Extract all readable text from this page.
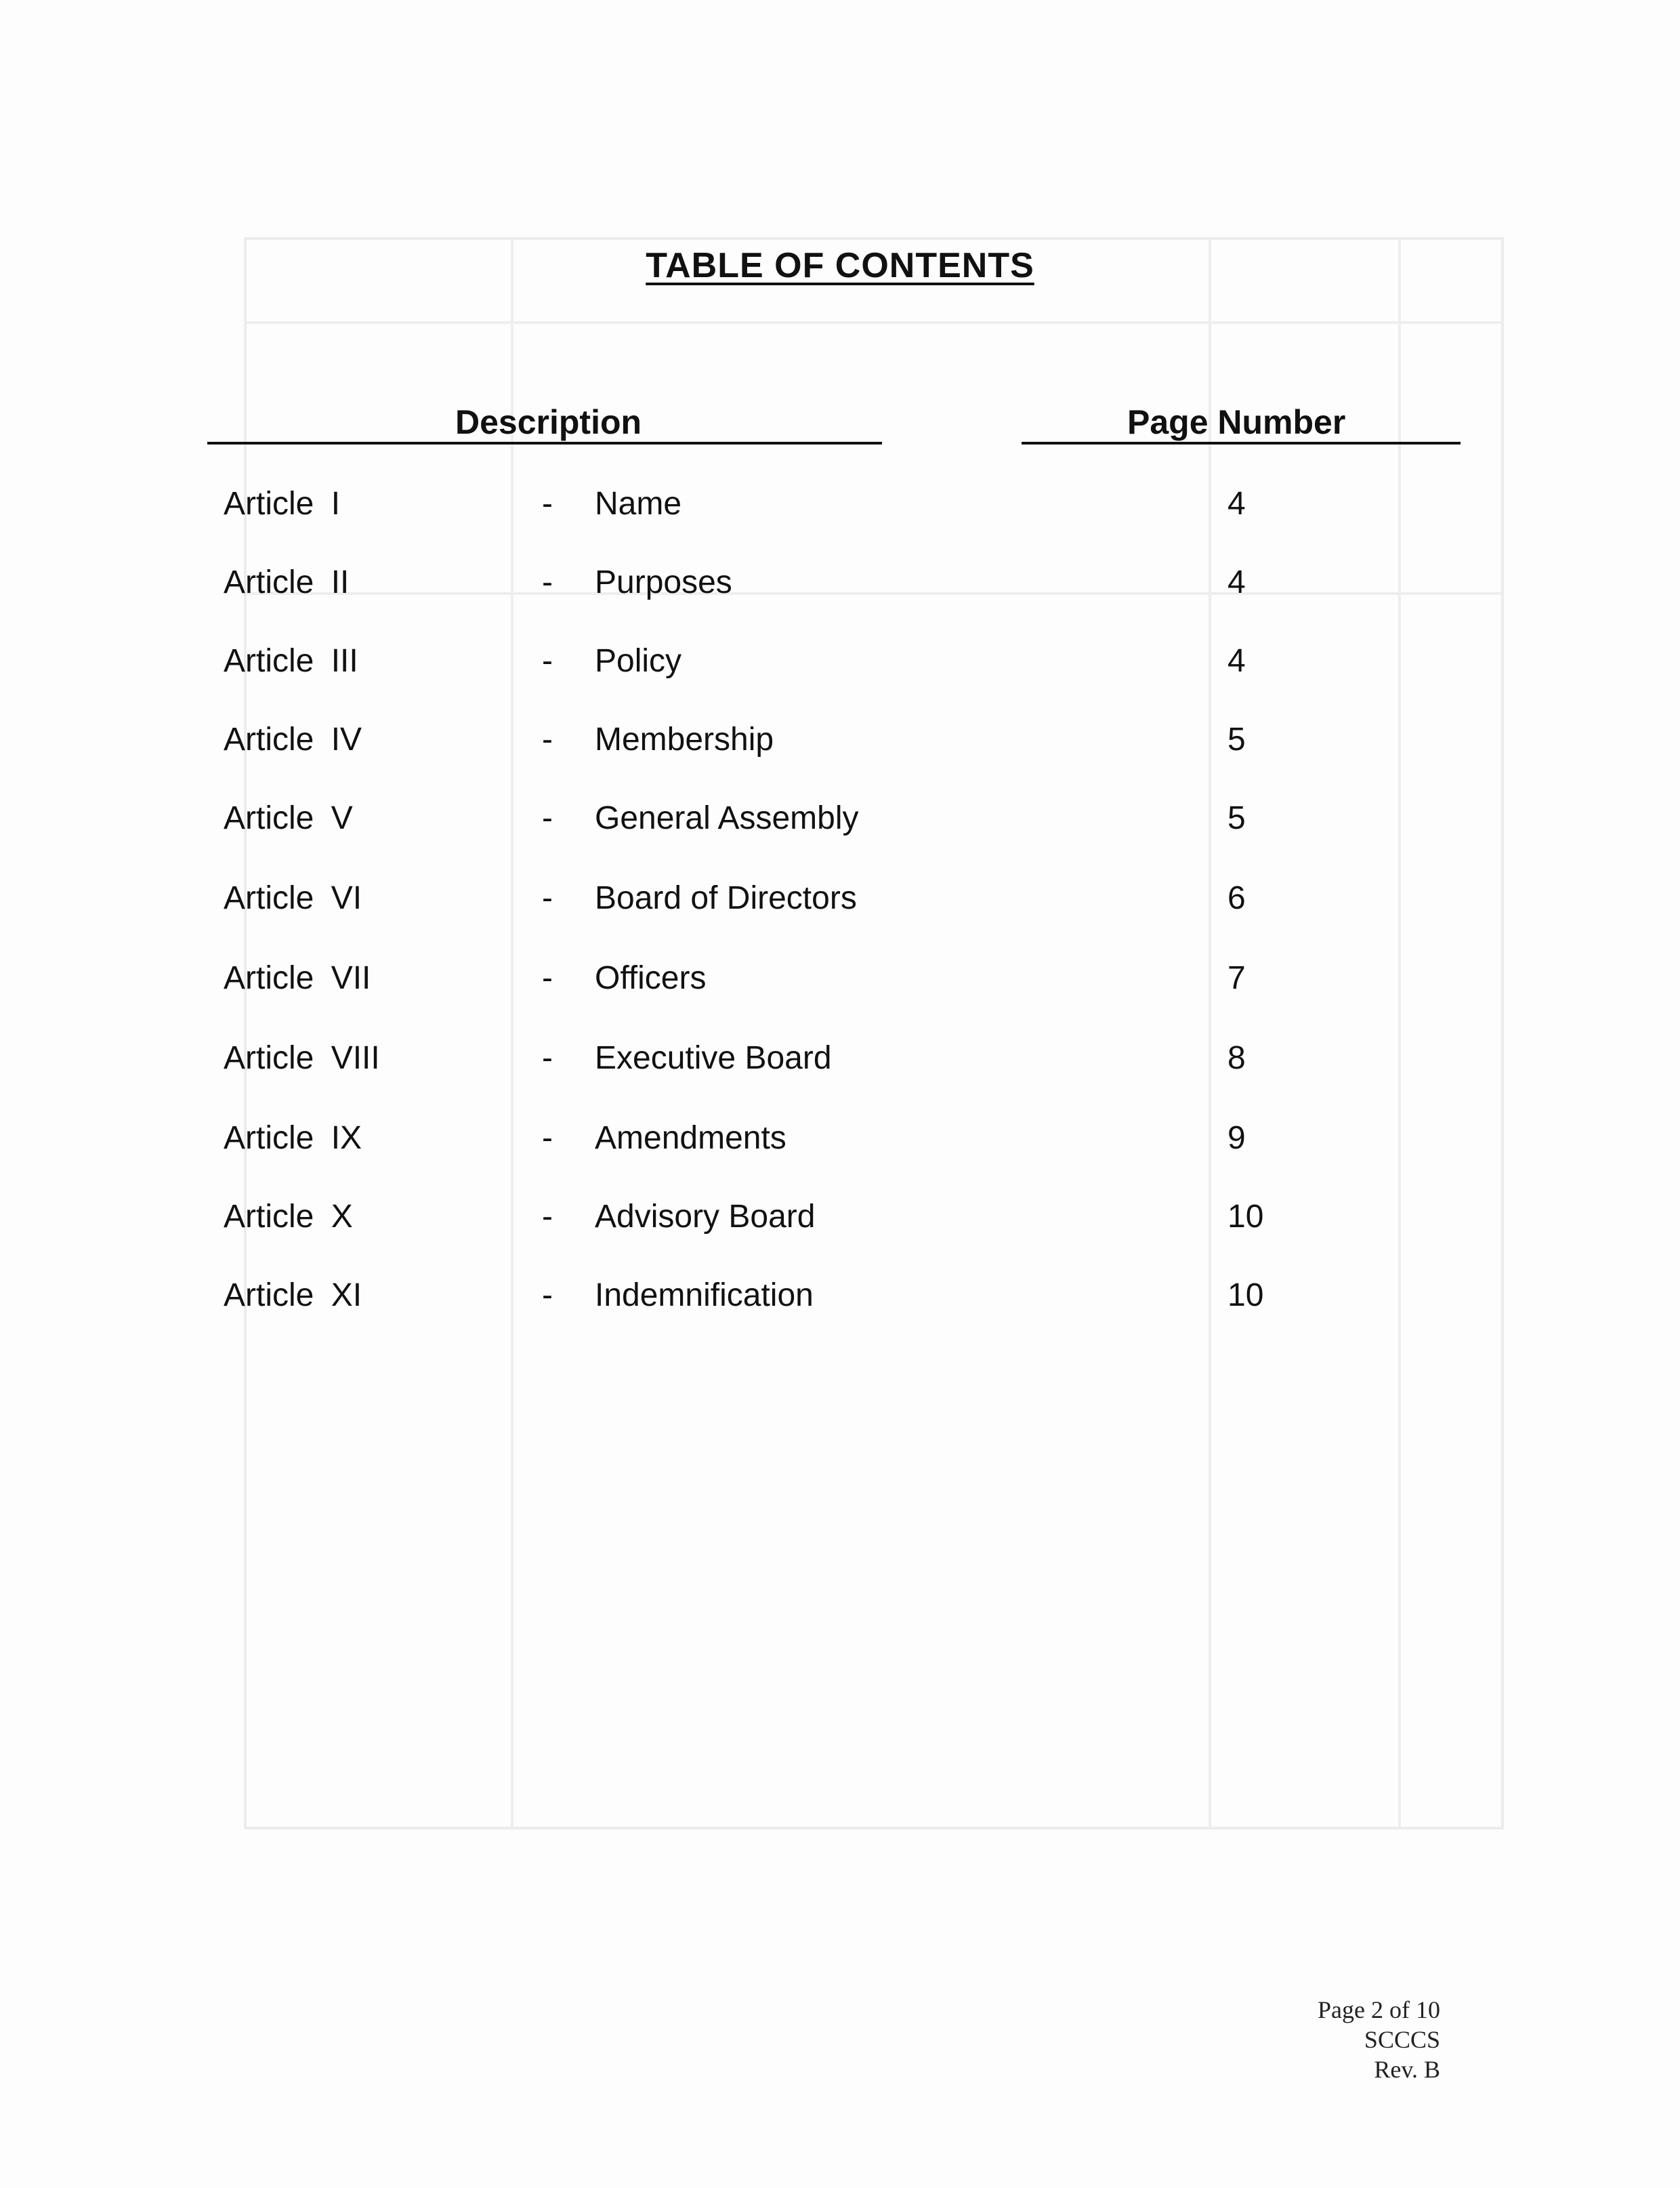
TABLE OF CONTENTS
Description	Page Number
Article I	- Name	4
Article II	- Purposes	4
Article III	- Policy	4
Article IV	- Membership	5
Article V	- General Assembly	5
Article VI	- Board of Directors	6
Article VII	- Officers	7
Article VIII	- Executive Board	8
Article IX	- Amendments	9
Article X	- Advisory Board	10
Article XI	- Indemnification	10
Page 2 of 10
SCCCS
Rev. B
